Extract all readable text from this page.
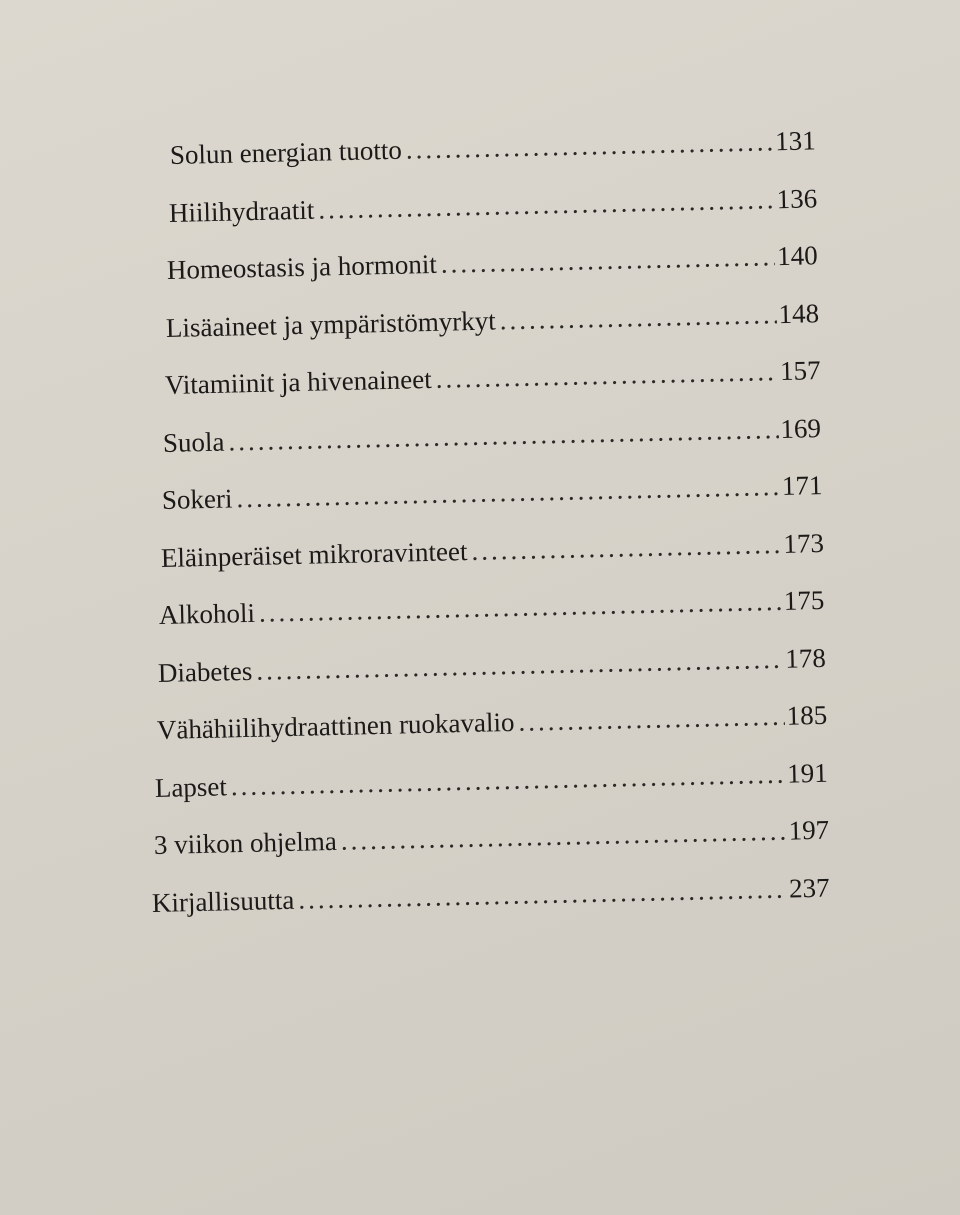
Solun energian tuotto .....	131
Hiilihydraatit .....	136
Homeostasis ja hormonit .....	140
Lisäaineet ja ympäristömyrkyt .....	148
Vitamiinit ja hivenaineet .....	157
Suola .....	169
Sokeri .....	171
Eläinperäiset mikroravinteet .....	173
Alkoholi .....	175
Diabetes .....	178
Vähähiilihydraattinen ruokavalio .....	185
Lapset .....	191
3 viikon ohjelma .....	197
Kirjallisuutta .....	237
